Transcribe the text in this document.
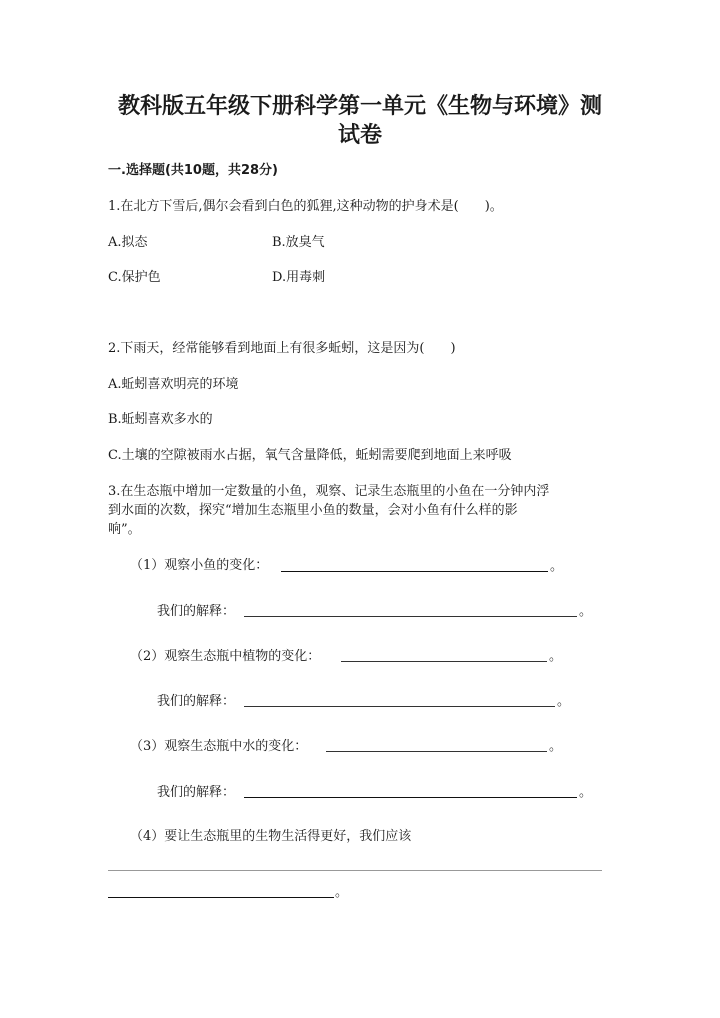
教科版五年级下册科学第一单元《生物与环境》测
试卷
一.选择题(共10题，共28分)
1.在北方下雪后,偶尔会看到白色的狐狸,这种动物的护身术是(　　)。
A.拟态	B.放臭气
C.保护色	D.用毒刺
2.下雨天，经常能够看到地面上有很多蚯蚓，这是因为(　　)
A.蚯蚓喜欢明亮的环境
B.蚯蚓喜欢多水的
C.土壤的空隙被雨水占据，氧气含量降低，蚯蚓需要爬到地面上来呼吸
3.在生态瓶中增加一定数量的小鱼，观察、记录生态瓶里的小鱼在一分钟内浮
到水面的次数，探究“增加生态瓶里小鱼的数量，会对小鱼有什么样的影
响”。
（1）观察小鱼的变化：	。
我们的解释：	。
（2）观察生态瓶中植物的变化：	。
我们的解释：	。
（3）观察生态瓶中水的变化：	。
我们的解释：	。
（4）要让生态瓶里的生物生活得更好，我们应该
。
